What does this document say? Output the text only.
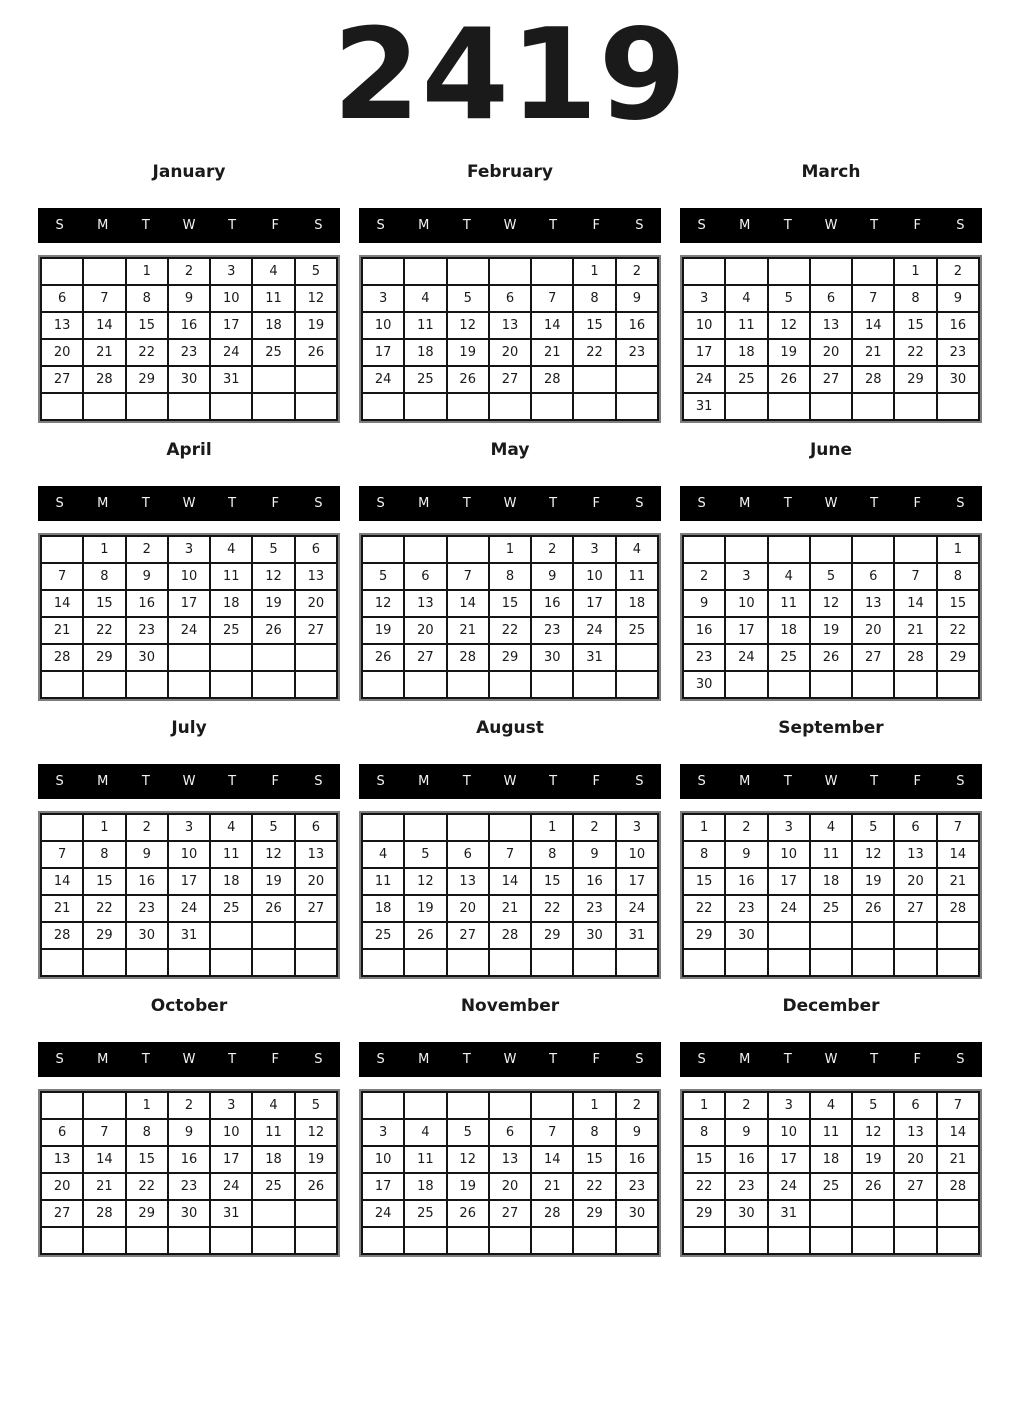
2419
January
S	M	T	W	T	F	S
		1	2	3	4	5
6	7	8	9	10	11	12
13	14	15	16	17	18	19
20	21	22	23	24	25	26
27	28	29	30	31		

February
S	M	T	W	T	F	S
					1	2
3	4	5	6	7	8	9
10	11	12	13	14	15	16
17	18	19	20	21	22	23
24	25	26	27	28		

March
S	M	T	W	T	F	S
					1	2
3	4	5	6	7	8	9
10	11	12	13	14	15	16
17	18	19	20	21	22	23
24	25	26	27	28	29	30
31						
April
S	M	T	W	T	F	S
	1	2	3	4	5	6
7	8	9	10	11	12	13
14	15	16	17	18	19	20
21	22	23	24	25	26	27
28	29	30				

May
S	M	T	W	T	F	S
			1	2	3	4
5	6	7	8	9	10	11
12	13	14	15	16	17	18
19	20	21	22	23	24	25
26	27	28	29	30	31	

June
S	M	T	W	T	F	S
						1
2	3	4	5	6	7	8
9	10	11	12	13	14	15
16	17	18	19	20	21	22
23	24	25	26	27	28	29
30						
July
S	M	T	W	T	F	S
	1	2	3	4	5	6
7	8	9	10	11	12	13
14	15	16	17	18	19	20
21	22	23	24	25	26	27
28	29	30	31			

August
S	M	T	W	T	F	S
				1	2	3
4	5	6	7	8	9	10
11	12	13	14	15	16	17
18	19	20	21	22	23	24
25	26	27	28	29	30	31

September
S	M	T	W	T	F	S
1	2	3	4	5	6	7
8	9	10	11	12	13	14
15	16	17	18	19	20	21
22	23	24	25	26	27	28
29	30					

October
S	M	T	W	T	F	S
		1	2	3	4	5
6	7	8	9	10	11	12
13	14	15	16	17	18	19
20	21	22	23	24	25	26
27	28	29	30	31		

November
S	M	T	W	T	F	S
					1	2
3	4	5	6	7	8	9
10	11	12	13	14	15	16
17	18	19	20	21	22	23
24	25	26	27	28	29	30

December
S	M	T	W	T	F	S
1	2	3	4	5	6	7
8	9	10	11	12	13	14
15	16	17	18	19	20	21
22	23	24	25	26	27	28
29	30	31				
